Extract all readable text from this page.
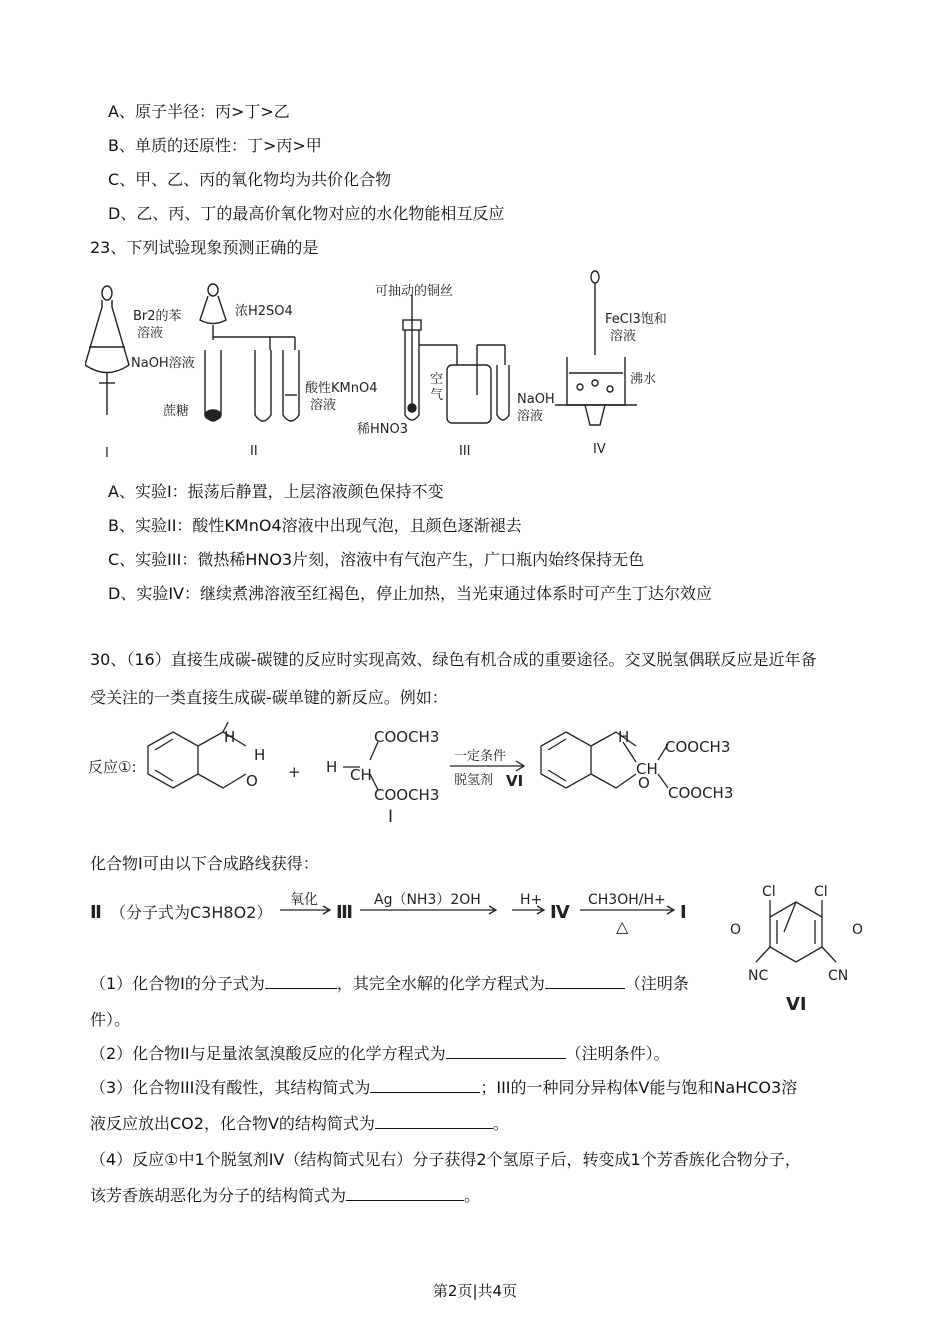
A、原子半径：丙>丁>乙
B、单质的还原性：丁>丙>甲
C、甲、乙、丙的氧化物均为共价化合物
D、乙、丙、丁的最高价氧化物对应的水化物能相互反应
23、下列试验现象预测正确的是
Br2的苯
溶液
NaOH溶液
蔗糖
浓H2SO4
酸性KMnO4
溶液
可抽动的铜丝
空
气
稀HNO3
NaOH
溶液
FeCl3饱和
溶液
沸水
I	II	III	IV
A、实验I：振荡后静置，上层溶液颜色保持不变
B、实验II：酸性KMnO4溶液中出现气泡，且颜色逐渐褪去
C、实验III：微热稀HNO3片刻，溶液中有气泡产生，广口瓶内始终保持无色
D、实验IV：继续煮沸溶液至红褐色，停止加热，当光束通过体系时可产生丁达尔效应
30、（16）直接生成碳-碳键的反应时实现高效、绿色有机合成的重要途径。交叉脱氢偶联反应是近年备
受关注的一类直接生成碳-碳单键的新反应。例如：
反应①:
H
H
O + H CH
COOCH3
COOCH3
I
H
CH
O
COOCH3
COOCH3
一定条件
脱氢剂 VI
化合物I可由以下合成路线获得：
Ⅱ （分子式为C3H8O2）
氧化
Ⅲ
Ag（NH3）2OH	H+
Ⅳ
CH3OH/H+
△
Ⅰ
Cl	Cl
O	O
NC	CN
VI
（1）化合物I的分子式为	，其完全水解的化学方程式为	（注明条
件）。
（2）化合物II与足量浓氢溴酸反应的化学方程式为	（注明条件）。
（3）化合物III没有酸性，其结构简式为	；III的一种同分异构体V能与饱和NaHCO3溶
液反应放出CO2，化合物V的结构简式为	。
（4）反应①中1个脱氢剂IV（结构简式见右）分子获得2个氢原子后，转变成1个芳香族化合物分子，
该芳香族胡恶化为分子的结构简式为	。
第2页|共4页
